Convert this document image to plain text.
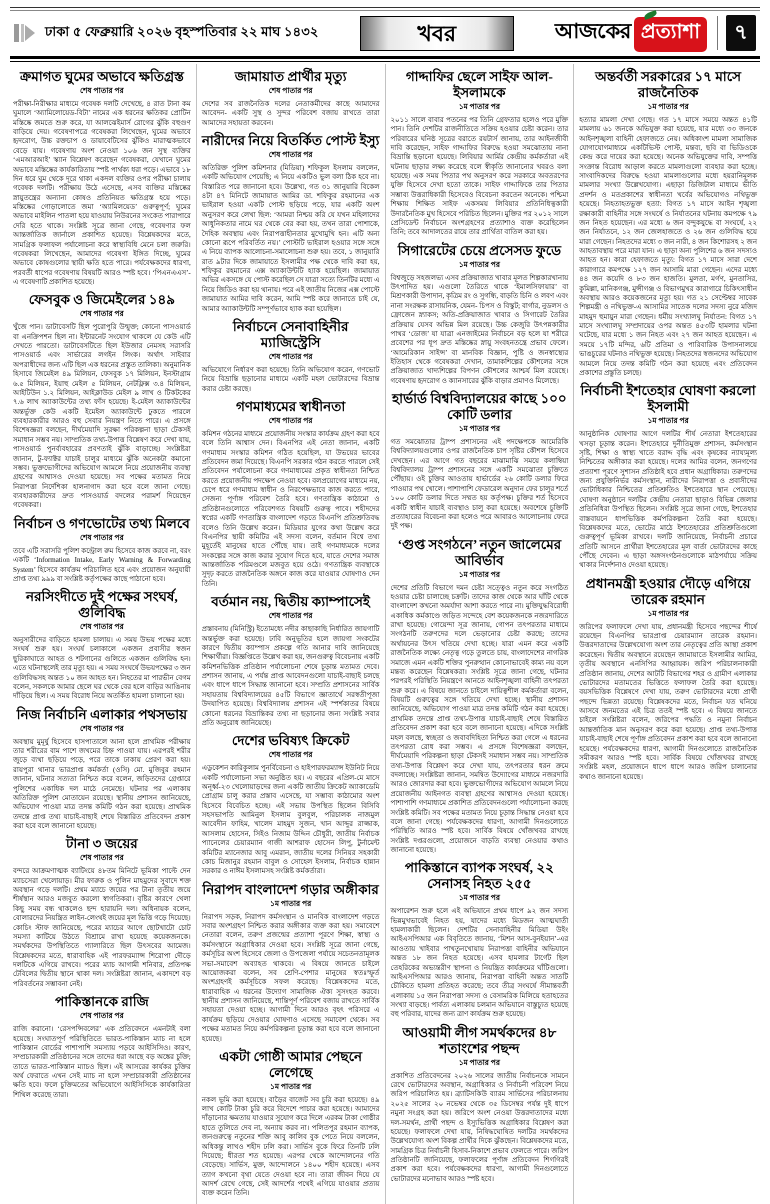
ঢাকা ৫ ফেব্রুয়ারি ২০২৬ বৃহস্পতিবার ২২ মাঘ ১৪৩২	খবর	আজকের প্রত্যাশা	৭
ক্রমাগত ঘুমের অভাবে ক্ষতিগ্রস্ত
শেষ পাতার পর

পরীক্ষা-নিরীক্ষার মাধ্যমে গবেষক দলটি দেখেছে, ৪ রাত টানা কম ঘুমালে ‘অ্যামিলোয়েড-বিটা’ নামের এক ধরনের ক্ষতিকর প্রোটিন মস্তিষ্কে জমতে শুরু করে, যা আলঝেইমার্স রোগের ঝুঁকি বহুগুণ বাড়িয়ে দেয়। গবেষণাপত্রে গবেষকরা লিখেছেন, ঘুমের অভাবে হৃদরোগ, উচ্চ রক্তচাপ ও ডায়াবেটিসের ঝুঁকিও মারাত্মকভাবে বেড়ে যায়। গবেষণায় অংশ নেওয়া ১০৬ জন সুস্থ ব্যক্তির ‘এমআরআই’ স্ক্যান বিশ্লেষণ করেছেন গবেষকরা, যেখানে ঘুমের অভাবে মস্তিষ্কের কার্যকারিতায় স্পষ্ট পার্থক্য ধরা পড়ে। এভাবে ১৮ দিন ধরে ঘুম থেকে দূরে থাকা একদল ব্যক্তির ওপর পরীক্ষা চালায় গবেষক দলটি। পরীক্ষায় উঠে এসেছে, এসব ব্যক্তির মস্তিষ্কের স্নায়ুতন্ত্রের অন্যান্য কোষও প্রতিনিয়ত ক্ষতিগ্রস্ত হয়ে পড়ে। মস্তিষ্কের গোড়ালোতে জমা ‘অ্যামিলয়েড’ গুরুত্বপূর্ণ; ঘুমের অভাবে মাইলিন পাতলা হয়ে যাওয়ায় নিউরনের সংকেত পারাপারে দেরি হতে থাকে। সংশ্লিষ্ট সূত্রে জানা গেছে, গবেষণার ফল আন্তর্জাতিক জার্নালে প্রকাশিত হয়েছে। বিশ্লেষকদের মতে, সামগ্রিক ফলাফল পর্যালোচনা করে স্বাস্থ্যবিধি মেনে চলা জরুরি। গবেষকরা লিখেছেন, আমাদের গবেষণা ইঙ্গিত দিচ্ছে, ঘুমের অভাবে কোষগুলোর স্থায়ী ক্ষতি হতে পারে। পর্যবেক্ষকদের ধারণা, পরবর্তী ধাপের গবেষণায় বিষয়টি আরও স্পষ্ট হবে। ‘পিএনএএস’-এ গবেষণাটি প্রকাশিত হয়েছে।

ফেসবুক ও জিমেইলের ১৪৯
শেষ পাতার পর

খুঁজে পান। ডাটাবেসটি ছিল পুরোপুরি উন্মুক্ত; কোনো পাসওয়ার্ড বা এনক্রিপশন ছিল না। ইন্টারনেট সংযোগ থাকলে যে কেউ এটি দেখতে পারতো। ডাটাবেসটিতে ছিল ইউজার নেমসহ সরাসরি পাসওয়ার্ড এবং সার্ভারের লগইন লিংক। অর্থাৎ সাইবার অপরাধীদের জন্য এটি ছিল এক ধরনের প্রস্তুত তালিকা। অনুমানিক হিসাবে জিমেইল ৪৯ মিলিয়ন, ফেসবুক ১৭ মিলিয়ন, ইনস্টাগ্রাম ৬.৫ মিলিয়ন, ইয়াহু মেইল ৫ মিলিয়ন, নেটফ্লিক্স ৩.৪ মিলিয়ন, আইটিউন ১.২ মিলিয়ন, আইক্লাউড মেইল ৯ লাখ ও টিকটকের ৭.৬ লাখ অ্যাকাউন্টের তথ্য ফাঁস হয়েছে। ই-মেইল অ্যাকাউন্টের অন্তর্ভুক্ত কেউ একটি ইমেইল অ্যাকাউন্টে ঢুকতে পারলে ব্যবহারকারীর আরও বহু সেবার নিয়ন্ত্রণ নিতে পারে। এ প্রসঙ্গে বিশেষজ্ঞরা বলছেন, দীর্ঘমেয়াদি সুরক্ষা পরিকল্পনা ছাড়া টেকসই সমাধান সম্ভব নয়। সাম্প্রতিক তথ্য-উপাত্ত বিশ্লেষণ করে দেখা যায়, পাসওয়ার্ড পুনর্ব্যবহারের প্রবণতাই ঝুঁকি বাড়াচ্ছে। সংশ্লিষ্টরা জানান, টু-ফ্যাক্টর যাচাই চালুর মাধ্যমে ঝুঁকি অনেকটা কমানো সম্ভব। ভুক্তভোগীদের অভিযোগ আমলে নিয়ে প্রয়োজনীয় ব্যবস্থা গ্রহণের আশ্বাসও দেওয়া হয়েছে। সব পক্ষের মতামত নিয়ে নিরাপত্তা নির্দেশিকা হালনাগাদ করা হবে বলে জানা গেছে। ব্যবহারকারীদের দ্রুত পাসওয়ার্ড বদলের পরামর্শ দিয়েছেন গবেষকরা।

নির্বাচন ও গণভোটের তথ্য মিলবে
শেষ পাতার পর

তবে এটি সরাসরি পুলিশ কন্ট্রোল রুম হিসেবে কাজ করবে না, বরং একটি ‘Information Intake, Early Warning & Forwarding System’ হিসেবে কার্যক্রম পরিচালিত হবে এবং প্রয়োজন অনুযায়ী প্রাপ্ত তথ্য ৯৯৯ বা সংশ্লিষ্ট কর্তৃপক্ষের কাছে পাঠানো হবে।

নরসিংদীতে দুই পক্ষের সংঘর্ষ, গুলিবিদ্ধ
শেষ পাতার পর

অনুসারীদের বাড়িতে হামলা চালায়। এ সময় উভয় পক্ষের মধ্যে সংঘর্ষ শুরু হয়। সংঘর্ষ চলাকালে একজন প্রবাসীর স্বজন ছুরিকাঘাতে আহত ও শটগানের গুলিতে একজন গুলিবিদ্ধ হন। এতে ঘটনাস্থলেই তার মৃত্যু হয়। এ সময় সংঘর্ষে উভয়পক্ষের ৩ জন গুলিবিদ্ধসহ অন্তত ১০ জন আহত হন। নিহতের মা পারভীন বেগম বলেন, সকলকে আমার ছেলে ঘর থেকে বের হলে বাড়ির আঙিনায় দাঁড়িয়ে ছিল। এ সময় বিরোধ নিয়ে অতর্কিত হামলা চালানো হয়।

নিজ নির্বাচনি এলাকার পথসভায়
শেষ পাতার পর

অবস্থায় মুমূর্ষু হিসেবে হাসপাতালে আনা হলে প্রাথমিক পরীক্ষায় তার শরীরের বাম পাশে জখমের চিহ্ন পাওয়া যায়। এরপরই শরীর জুড়ে ব্যথা ছড়িয়ে পড়ে, পরে তাকে ঢাকায় প্রেরণ করা হয়। রায়পুরা থানার ভারপ্রাপ্ত কর্মকর্তা (ওসি) মো. মুজিবুর রহমান জানান, ঘটনার সত্যতা নিশ্চিত করে বলেন, জড়িতদের গ্রেপ্তারে পুলিশের একাধিক দল মাঠে নেমেছে। ঘটনার পর এলাকায় অতিরিক্ত পুলিশ মোতায়েন রয়েছে। স্থানীয় প্রশাসন জানিয়েছে, অভিযোগ পাওয়া মাত্র তদন্ত কমিটি গঠন করা হয়েছে। প্রাথমিক তদন্তে প্রাপ্ত তথ্য যাচাই-বাছাই শেষে বিস্তারিত প্রতিবেদন প্রকাশ করা হবে বলে জানানো হয়েছে।

টানা ৩ জয়ের
শেষ পাতার পর

বন্দরে আক্রমণাত্মক ব্যাটিংয়ে ৪৮তম মিনিটে ভূমিকা পাল্টে দেন ম্যাচসেরা খেলোয়াড়। মীর ফারুক ও পুলিন মাহমুদের সুবাদে শক্ত অবস্থান গড়ে দলটি। প্রথম ম্যাচে জয়ের পর টানা তৃতীয় জয়ে শীর্ষস্থান আরও মজবুত করলো স্বাগতিকরা। বৃষ্টির কারণে খেলা কিছু সময় বন্ধ থাকলেও ছন্দ হারায়নি দল। অধিনায়ক বলেন, বোলারদের নিয়ন্ত্রিত লাইন-লেংথই জয়ের মূল ভিত্তি গড়ে দিয়েছে। কোচিং স্টাফ জানিয়েছে, পরের ম্যাচের আগে ছোটখাটো চোট সমস্যা কাটিয়ে উঠতে বিশ্রামে রাখা হয়েছে কয়েকজনকে। সমর্থকদের উপস্থিতিতে গ্যালারিতে ছিল উৎসবের আমেজ। বিশ্লেষকদের মতে, ধারাবাহিক এই পারফরম্যান্স শিরোপা দৌড়ে দলটিকে এগিয়ে রাখবে। পরের ম্যাচ আগামী শনিবার, প্রতিপক্ষ টেবিলের দ্বিতীয় স্থানে থাকা দল। সংশ্লিষ্টরা জানান, একাদশে বড় পরিবর্তনের সম্ভাবনা নেই।

পাকিস্তানকে রাজি
শেষ পাতার পর

রাজি করানো। ‘রেসপন্সিবলের’ এক প্রতিবেদনে এমনটাই বলা হয়েছে। সংঘাতপূর্ণ পরিস্থিতিতে ভারত-পাকিস্তান ম্যাচ না হলে পাকিস্তান বোর্ডের পাশাপাশি সমস্যায় পড়বে আইসিসিও। কারণ, সম্প্রচারকারী প্রতিষ্ঠানের সঙ্গে তাদের ধরা আছে বড় অঙ্কের চুক্তি; তাতে ভারত-পাকিস্তান ম্যাচও ছিল। এই আসরের কার্যকর চুক্তির অর্থ ফেরাতে এখন সেই ম্যাচ না হলে সম্প্রচারকারী প্রতিষ্ঠানের ক্ষতি হবে। ফলে চুক্তিমতের অভিযোগে আইসিসিকে কার্যকারিতা শিথিল করেছে তারা।

জামায়াত প্রার্থীর মৃত্যু
শেষ পাতার পর

দেশের সব রাজনৈতিক দলের নেতাকর্মীদের কাছে আমাদের আবেদন- একটি সুস্থ ও সুন্দর পরিবেশ বজায় রাখতে তারা আমাদের সহায়তা করবেন।

নারীদের নিয়ে বিতর্কিত পোস্ট ইস্যু
শেষ পাতার পর

অতিরিক্ত পুলিশ কমিশনার (মিডিয়া) শফিকুল ইসলাম বললেন, একটি অভিযোগ পেয়েছি; এ নিয়ে একটিও ভুল বলা ঠিক হবে না। বিস্তারিত পরে জানানো হবে। উল্লেখ্য, গত ৩১ জানুয়ারি বিকেল ৪টা ৪৭ মিনিটে জামায়াত আমির ডা. শফিকুর রহমানের এক ভাইরাল হওয়া একটি পোস্ট ছড়িয়ে পড়ে, যার একটি অংশ অনুসরণ করে লেখা ছিল: ‘আমরা নিশ্চয় করি যে যখন মহিলাদের আধুনিকতার নামে ঘর থেকে বের করা হয়, তখন তারা পোশাকে, দৈহিক অবস্থায় এবং নিরাপত্তাহীনতার মুখোমুখি হন। এটি অন্য কোনো রূপে পরিবর্তিত নয়।’ পোস্টটি ভাইরাল হওয়ার সঙ্গে সঙ্গে এ নিয়ে ব্যাপক আলোচনা-সমালোচনা শুরু হয়। তবে, ১ জানুয়ারি রাত ৯টার দিকে জামায়াতে ইসলামীর পক্ষ থেকে দাবি করা হয়, শফিকুর রহমানের এক্স অ্যাকাউন্টটি হ্যাক হয়েছিল। জামায়াত অভির একসঙ্গে যে পোস্ট করেছিল সে যাত্রা সত্যে তিনটির মধ্যে এ নিয়ে জিডিও করা হয় থানায়। পরে এই জাতীয় নিজের এক্স পোস্টে জামায়াত আমির দাবি করেন, আমি স্পষ্ট করে জানাতে চাই যে, আমার অ্যাকাউন্টটি সম্পূর্ণভাবে হ্যাক করা হয়েছিল।

নির্বাচনে সেনাবাহিনীর ম্যাজিস্ট্রেসি
শেষ পাতার পর

অভিযোগে নির্ধারণ করা হয়েছে। তিনি অভিযোগ করেন, গণভোট নিয়ে বিভ্রান্তি ছড়ানোর মাধ্যমে একটি মহল ভোটারদের বিভ্রান্ত করার চেষ্টা করছে।

গণমাধ্যমের স্বাধীনতা
শেষ পাতার পর

কমিশন গঠনের মাধ্যমে প্রয়োজনীয় সংস্কার কার্যক্রম গ্রহণ করা হবে বলে তিনি আশ্বাস দেন। বিএনপির এই নেতা জানান, একটি গণমাধ্যম সংস্কার কমিশন গঠিত হয়েছিল, যা উভয়ের ভাবের প্রতিবেদন জমা দিয়েছে। বিএনপি সরকার গঠন করতে পারলে সেই প্রতিবেদন পর্যালোচনা করে গণমাধ্যমের প্রকৃত স্বাধীনতা নিশ্চিত করতে প্রয়োজনীয় পদক্ষেপ নেওয়া হবে। বলপ্রয়োগের মাধ্যমে নয়, চেপে ধরে গণমাধ্যম স্বাধীন ও নিরপেক্ষভাবে কাজ করতে পারে, সেজন্য পূর্ণাঙ্গ পরিবেশ তৈরি হবে। গণতান্ত্রিক কাঠামো ও প্রতিষ্ঠানগুলোতে পরিবেশগত বিষয়টি গুরুত্ব পাবে। শহীদদের স্বপ্নের একটি গণতান্ত্রিক বাংলাদেশ গড়তে বিএনপি প্রতিশ্রুতিবদ্ধ বলেও তিনি উল্লেখ করেন। মিডিয়ার যুগের কথা উল্লেখ করে বিএনপির স্থায়ী কমিটির এই সদস্য বলেন, বর্তমান বিশ্বে তথ্য মুহূর্তেই মানুষের হাতে পৌঁছে যায়। তাই গণমাধ্যমকে দলের সংকল্পের সঙ্গে কাজ করার সুযোগ দিতে হবে, যাতে দেশের সমাজ আন্তর্জাতিক পরিমণ্ডলে মজবুত হয়ে ওঠে। গণতান্ত্রিক ব্যবস্থাকে সুদৃঢ় করতে রাজনৈতিক অঙ্গনে কাজ করে যাওয়ার ঘোষণাও দেন তিনি।

বর্তমান নয়, দ্বিতীয় ক্যাম্পাসেই
শেষ পাতার পর

প্রস্তাবনায় (মিনিস্ট্রি) ইতোমধ্যে নদীর কাছাকাছি নির্ধারিত জায়গাটি অন্তর্ভুক্ত করা হয়েছে। ঢাবি অনুভূতির হলে জায়গা সংকটের কারণে দ্বিতীয় ক্যাম্পাস প্রকল্পে গতি আনার দাবি জানিয়েছে শিক্ষার্থীরা। বিজ্ঞপ্তিতে উল্লেখ করা হয়, জনগুরুত্ব বিবেচনায় একটি কমিশনভিত্তিক প্রতিষ্ঠান পর্যালোচনা শেষে চূড়ান্ত মতামত দেবে। প্রশাসন জানায়, এ পর্যন্ত প্রাপ্ত আবেদনগুলো যাচাই-বাছাই চলছে এবং ধাপে ধাপে সিদ্ধান্ত জানানো হবে। সম্প্রতি প্রশাসনের সার্বিক সহায়তায় বিশ্ববিদ্যালয়ের ৪৫টি বিভাগে জ্ঞাতার্থে সরস্বতীপূজা উদযাপিত হয়েছে। বিশ্ববিদ্যালয় প্রশাসন এই স্পর্শকাতর বিষয়ে কোনো ধরনের বিভ্রান্তিকর তথ্য না ছড়ানোর জন্য সংশ্লিষ্ট সবার প্রতি অনুরোধ জানিয়েছে।

দেশের ভবিষ্যৎ ক্রিকেট
শেষ পাতার পর

এডুকেশন কারিকুলাম পুনর্বিবেচনা ও হাইপারফরম্যান্স ইউনিট নিয়ে একটি পর্যালোচনা সভা অনুষ্ঠিত হয়। এ বছরের এপ্রিল-মে মাসে অনূর্ধ্ব-২৩ খেলোয়াড়দের জন্য একটি জাতীয় ক্রিকেট অ্যাকাডেমি প্রোগ্রাম চালু করার প্রস্তাব এসেছে, যা সম্ভাব্য কাঠামোর অংশ হিসেবে বিবেচিত হচ্ছে। এই সভায় উপস্থিত ছিলেন বিসিবি সহসভাপতি আমিনুল ইসলাম বুলবুল, পরিচালক নাজমুল আবেদীন ফাহিম, খালেদ মাহমুদ সুজন, খান আব্দুর রাজ্জাক, আসলাম হোসেন, সিইও নিজাম উদ্দিন চৌধুরী, জাতীয় নির্বাচক প্যানেলের চেয়ারম্যান গাজী আশরাফ হোসেন লিপু, টুর্নামেন্ট কমিটির ম্যানেজার আবু এমরান, জাতীয় দলের সিনিয়র সহকারী কোচ মিজানুর রহমান বাবুল ও সোহেল ইসলাম, নির্বাচক হান্নান সরকার ও নাঈম ইসলামসহ সংশ্লিষ্ট কর্মকর্তারা।

নিরাপদ বাংলাদেশ গড়ার অঙ্গীকার
১ম পাতার পর

নিরাপদ সড়ক, নিরাপদ কর্মসংস্থান ও মানবিক বাংলাদেশ গড়তে সবার অংশগ্রহণ নিশ্চিত করার অঙ্গীকার ব্যক্ত করা হয়। সমাবেশে নেতারা বলেন, তরুণ প্রজন্মের প্রত্যাশা পূরণে শিক্ষা, স্বাস্থ্য ও কর্মসংস্থানে অগ্রাধিকার দেওয়া হবে। সংশ্লিষ্ট সূত্রে জানা গেছে, কর্মসূচির অংশ হিসেবে জেলা ও উপজেলা পর্যায়ে সচেতনতামূলক সভা-সমাবেশ অব্যাহত থাকবে। এ বিষয়ে জানতে চাইলে আয়োজকরা বলেন, সব শ্রেণি-পেশার মানুষের স্বতঃস্ফূর্ত অংশগ্রহণই কর্মসূচিকে সফল করেছে। বিশ্লেষকদের মতে, ধারাবাহিক এ ধরনের উদ্যোগ সামাজিক ঐক্য সুসংহত করবে। স্থানীয় প্রশাসন জানিয়েছে, শান্তিপূর্ণ পরিবেশ বজায় রাখতে সার্বিক সহায়তা দেওয়া হচ্ছে। আগামী দিনে আরও বৃহৎ পরিসরে এ কার্যক্রম ছড়িয়ে দেওয়ার ঘোষণাও এসেছে সমাবেশ থেকে। সব পক্ষের মতামত নিয়ে কর্মপরিকল্পনা চূড়ান্ত করা হবে বলে জানানো হয়েছে।

একটা গোষ্ঠী আমার পেছনে লেগেছে
১ম পাতার পর

নকল ভূমি করা হয়েছে। বাড়ৈর বাজেট সব চুরি করা হয়েছে। ৪৯ লাখ কোটি টাকা চুরি করে বিদেশে পাচার করা হয়েছে। আমাদের দাঁড়ানোর ক্ষমতায় যাওয়ার সুযোগ করে দিলে এরকম টাকা গোষ্ঠীর হাতে তুলিতে দেব না, অন্যায় করব না। পলিতপুর রহমান ব্যাপক, জনগুরুত্বে নতুনের শক্তি আবু কালিব বুক পেতে নিয়ে বললেন, অধিকন্তু লাখও শহীদ ঢলি করা। সার্ভিস বুকে ফিরে তিনটি ঢলি দিয়েছে; ধীরতা শত হয়েছে। এরপর থেকে আন্দোলনের গতি বেড়েছে। সার্ভিস, মুক্ত, আন্দোলনে ১৪০০ শহীদ হয়েছে। এসব ত্যাগ কখনো বৃথা যেতে দেওয়া হবে না। তারা জীবন দিয়ে যে আদর্শ রেখে গেছে, সেই আদর্শের পথেই এগিয়ে যাওয়ার প্রত্যয় ব্যক্ত করেন তিনি।

গাদ্দাফির ছেলে সাইফ আল-ইসলামকে
১ম পাতার পর

২০১১ সালে বাবার পতনের পর তিনি গ্রেফতার হলেও পরে মুক্তি পান। তিনি দেশটির রাজনীতিতে সক্রিয় হওয়ার চেষ্টা করেন। তার পরিবারের ঘনিষ্ঠ সূত্রের বরাতে রয়টার্স জানায়, তার আইনজীবী দাবি করেছেন, সাইফ গাদ্দাফির বিরুদ্ধে হওয়া সমঝোতায় নানা বিভ্রান্তি ছড়ানো হয়েছে। লিবিয়ার আর্মির কেন্দ্রীয় কর্মকর্তারা এই ঘটনায় ছাড়ার লক্ষ্য করেছে বলে স্বীকৃতি জানানোর খবরও বলা হয়েছে। এক সময় পিতার পথ অনুসরণ করে সরকারে অবতরণের যুক্তি হিসেবে দেখা হতো তাকে। সাইফ গাদ্দাফিকে তার পিতার সম্ভাব্য উত্তরাধিকারী হিসেবেও বিবেচনা করতেন অনেকে। পশ্চিমা শিক্ষায় শিক্ষিত সাইফ একসময় লিবিয়ার প্রতিনিধিত্বকারী উদারনৈতিক মুখ হিসেবে পরিচিত ছিলেন। মুক্তির পর ২০১২ সালে প্রেসিডেন্ট নির্বাচনে অংশগ্রহণের প্রত্যাশাও ব্যক্ত করেছিলেন তিনি; তবে আদালতের রায়ে তার প্রার্থিতা বাতিল করা হয়।

সিগারেটের চেয়ে প্রসেসড ফুডে
১ম পাতার পর

বিশ্বজুড়ে সহজলভ্য এসব প্রক্রিয়াজাত খাবার মূলত শিল্পকারখানায় উৎপাদিত হয়। এগুলো তৈরিতে থাকে ‘ইমালসিফায়ার’ বা মিশ্রণকারী উপাদান, কৃত্রিম রং ও সুগন্ধি, বাড়তি চিনি ও লবণ এবং নানা সংরক্ষক রাসায়নিক, যেমন- চিপস ও বিস্কুট; বার্গার, নুডলস ও ফ্রোজেন স্ন্যাকস; অতি-প্রক্রিয়াজাত খাবার ও সিগারেট তৈরির প্রক্রিয়ায় যেসব অভিন্ন মিল রয়েছে। উচ্চ কেজুরি উৎপন্নকারীর পাথর ‘ডোজ’ যা যাত্রা এনজাইমের নির্বাচনে বড় হলে যা শরীরে প্রবেশের পর ধূপ দ্রুত মস্তিষ্কের স্নায়ু সংবহনতন্ত্রে প্রভাব ফেলে। ‘আমেরিকান সাইন্স’ বা মানবিক বিজ্ঞান, পুষ্টি ও জনস্বাস্থ্যের ইতিহাস থেকে গবেষকরা দেখান, তামাকশিল্পের কৌশলের সঙ্গে প্রক্রিয়াজাত খাদ্যশিল্পের বিপণন কৌশলের আশ্চর্য মিল রয়েছে। গবেষণায় হৃদরোগ ও ক্যানসারের ঝুঁকি বাড়ার প্রমাণও মিলেছে।

হার্ভার্ড বিশ্ববিদ্যালয়ের কাছে ১০০ কোটি ডলার
১ম পাতার পর

গত সমঝোতার ট্রাম্প প্রশাসনের এই পদক্ষেপকে আমেরিকি বিশ্ববিদ্যালয়গুলোর ওপর রাজনৈতিক চাপ সৃষ্টির কৌশল হিসেবে দেখছেন। এর আগে গত বছরের মাঝামাঝি সময়ে কলাম্বিয়া বিশ্ববিদ্যালয় ট্রাম্প প্রশাসনের সঙ্গে একটি সমঝোতা চুক্তিতে পৌঁছায়। ওই চুক্তির আওতায় হার্ভার্ডের ২৬ কোটি ডলার ফিরে পাওয়ার পথ খোলে। পাশাপাশি ফেডারেল অনুদান ফের চালুর শর্তে ১০০ কোটি ডলার দিতে সম্মত হয় কর্তৃপক্ষ। চুক্তির শর্ত হিসেবে একটি স্বাধীন যাচাই ব্যবস্থাও চালু করা হয়েছে। অবশেষে চুক্তিটি প্রত্যাহারের বিবেচনা করা হলেও পরে আবারও আলোচনায় ফেরে দুই পক্ষ।

‘গুপ্ত সংগঠনে’ নতুন জালেমের আবির্ভাব
১ম পাতার পর

দেশের প্রতিটি বিভাগে দমন চেষ্টা সত্ত্বেও নতুন করে সংগঠিত হওয়ার চেষ্টা চালাচ্ছে চক্রটি। তাদের কাজ থেকে আর ঘাঁটি থেকে বাংলাদেশ কখনো অমর্যাদা আশা করতে পারে না। মুক্তিযুদ্ধবিরোধী একাধিক কর্মকাণ্ডে জড়িত সন্দেহে বেশ কয়েকজনকে নজরদারিতে রাখা হয়েছে। গোয়েন্দা সূত্র জানায়, গোপন তৎপরতার মাধ্যমে সংগঠনটি তরুণদের দলে ভেড়ানোর চেষ্টা করছে; তাদের অর্থায়নের উৎস খতিয়ে দেখা হচ্ছে। যারা এমন করে একটি রাজনৈতিক লক্ষ্যে নেতৃত্ব গড়ে তুলতে চায়, বাংলাদেশের নাগরিক সমাজে এমন একটি শক্তির পুনরুত্থান কোনোভাবেই কাম্য নয় বলে মন্তব্য করেছেন বিশ্লেষকরা। সংশ্লিষ্ট সূত্রে জানা গেছে, ঘটনার পরপরই পরিস্থিতি নিয়ন্ত্রণে আনতে আইনশৃঙ্খলা বাহিনী তৎপরতা শুরু করে। এ বিষয়ে জানতে চাইলে দায়িত্বশীল কর্মকর্তারা বলেন, বিষয়টি গুরুত্বের সঙ্গে খতিয়ে দেখা হচ্ছে। স্থানীয় প্রশাসন জানিয়েছে, অভিযোগ পাওয়া মাত্র তদন্ত কমিটি গঠন করা হয়েছে। প্রাথমিক তদন্তে প্রাপ্ত তথ্য-উপাত্ত যাচাই-বাছাই শেষে বিস্তারিত প্রতিবেদন প্রকাশ করা হবে বলে জানানো হয়েছে। এদিকে সংশ্লিষ্ট মহল বলছে, স্বচ্ছতা ও জবাবদিহিতা নিশ্চিত করা গেলে এ ধরনের তৎপরতা রোধ করা সম্ভব। এ প্রসঙ্গে বিশেষজ্ঞরা বলছেন, দীর্ঘমেয়াদি পরিকল্পনা ছাড়া টেকসই সমাধান সম্ভব নয়। সাম্প্রতিক তথ্য-উপাত্ত বিশ্লেষণ করে দেখা যায়, তৎপরতার ধরন ক্রমে বদলাচ্ছে। সংশ্লিষ্টরা জানান, সমন্বিত উদ্যোগের মাধ্যমে নজরদারি আরও জোরদার করা হবে। ভুক্তভোগীদের অভিযোগ আমলে নিয়ে প্রয়োজনীয় আইনগত ব্যবস্থা গ্রহণের আশ্বাসও দেওয়া হয়েছে। পাশাপাশি গণমাধ্যমে প্রকাশিত প্রতিবেদনগুলো পর্যালোচনা করছে সংশ্লিষ্ট কমিটি। সব পক্ষের মতামত নিয়ে চূড়ান্ত সিদ্ধান্ত নেওয়া হবে বলে জানা গেছে। পর্যবেক্ষকদের ধারণা, আগামী দিনগুলোতে পরিস্থিতি আরও স্পষ্ট হবে। সার্বিক বিষয়ে খোঁজখবর রাখছে সংশ্লিষ্ট দপ্তরগুলো, প্রয়োজনে বাড়তি ব্যবস্থা নেওয়ার কথাও জানানো হয়েছে।

পাকিস্তানে ব্যাপক সংঘর্ষ, ২২ সেনাসহ নিহত ২৫৫
১ম পাতার পর

অপারেশন শুরু হলে এই অভিযানে প্রথম ধাপে ৯২ জন সদস্য ভিন্নমুখভাবেই নিহত হয়, যাদের মধ্যে মিডজন আত্মঘাতী হামলাকারী ছিলেন। দেশটির সেনাবাহিনীর মিডিয়া উইং আইএসপিআর এক বিবৃতিতে জানায়, ‘মিশন আস-বুনইয়ান’-এর আওতায় খাইবার পাখতুনখোয়ায় নিরাপত্তা বাহিনীর অভিযানে অন্তত ১৮ জন নিহত হয়েছে। এসব হামলার টার্গেট ছিল তেহরিকের অভ্যন্তরীণ স্থাপনা ও নিয়ন্ত্রিত কার্যক্রমের ঘাঁটিগুলো। আইএসপিআর আরও জানায়, নিরাপত্তা বাহিনী অন্তত সাতটি চৌকিতে হামলা প্রতিহত করেছে; তবে তীব্র সংঘর্ষে সীমান্তবর্তী এলাকায় ১৫ জন নিরাপত্তা সদস্য ও বেসামরিক মিলিয়ে হতাহতের সংখ্যা বাড়ছে। পার্বত্য এলাকায় চলমান অভিযানে বাস্তুচ্যুত হয়েছে বহু পরিবার, যাদের জন্য ত্রাণ কার্যক্রম শুরু হয়েছে।

আওয়ামী লীগ সমর্থকদের ৪৮ শতাংশের পছন্দ
১ম পাতার পর

প্রকাশিত প্রতিবেদনের ২০২৬ সালের জাতীয় নির্বাচনকে সামনে রেখে ভোটারদের অবস্থান, অগ্রাধিকার ও নির্বাচনী পরিবেশ নিয়ে জরিপ পরিচালিত হয়। ব্র্যাটিসকিউ ব্যারম সার্ভিসের পরিচালনায় ২০২৫ সালের ২০ নভেম্বর থেকে ৩৫ ডিসেম্বর পর্যন্ত দুই ধাপে নমুনা সংগ্রহ করা হয়। জরিপে অংশ নেওয়া উত্তরদাতাদের মধ্যে দল-সমর্থন, প্রার্থী পছন্দ ও ইস্যুভিত্তিক অগ্রাধিকার বিশ্লেষণ করা হয়েছে। ফলাফলে দেখা যায়, নিষিদ্ধঘোষিত দলটির সমর্থকদের উল্লেখযোগ্য অংশ বিকল্প প্রার্থীর দিকে ঝুঁকছেন। বিশ্লেষকদের মতে, সামগ্রিক চিত্র নির্বাচনী হিসাব-নিকাশে প্রভাব ফেলতে পারে। জরিপ প্রতিষ্ঠানটি জানিয়েছে, ফলাফলের পূর্ণাঙ্গ প্রতিবেদন শিগগিরই প্রকাশ করা হবে। পর্যবেক্ষকদের ধারণা, আগামী দিনগুলোতে ভোটারদের মনোভাব আরও স্পষ্ট হবে।

অন্তর্বর্তী সরকারের ১৭ মাসে রাজনৈতিক
১ম পাতার পর

হত্যার মামলা দেখা গেছে। গত ১৭ মাসে সময়ে অন্তত ৪১টি মামলায় ৬১ জনকে অভিযুক্ত করা হয়েছে, যার মধ্যে ৩৩ জনকে আইনশৃঙ্খলা বাহিনী হেফাজতে নেয়। অধিকাংশ মামলা সামাজিক যোগাযোগমাধ্যমে একটিভিস্ট পোস্ট, মন্তব্য, ছবি বা ভিডিওকে কেন্দ্র করে দায়ের করা হয়েছে। অনেক অভিযুক্তের দাবি, সম্পত্তি সংক্রান্ত বিরোধ আড়াল করতে মামলাগুলো ব্যবহার করা হচ্ছে। সাংবাদিকদের বিরুদ্ধে হওয়া মামলাগুলোর মধ্যে হয়রানিমূলক মামলার সংখ্যা উল্লেখযোগ্য। এছাড়া ডিজিটাল মাধ্যমে ভীতি প্রদর্শন ও মতপ্রকাশের স্বাধীনতা খর্বের অভিযোগও নথিভুক্ত হয়েছে। নিহতাহতভুক্ত হত্যা: বিগত ১৭ মাসে আইন শৃঙ্খলা রক্ষাকারী বাহিনীর সঙ্গে সংঘর্ষে ও নির্যাতনের ঘটনায় কমপক্ষে ৭৯ জন নিহত হয়েছেন। এর মধ্যে ৬ জন বন্দুকযুদ্ধে বা সংঘর্ষে, ২২ জন নির্যাতনে, ১২ জন জেলহাজতে ও ২৬ জন গুলিবিদ্ধ হয়ে মারা গেছেন। নিহতদের মধ্যে ৩ জন নারী, ৪ জন কিশোরসহ ২ জন আহতাবস্থায় পরে মারা যান। এ ছাড়া অন্য পুলিশের ৬ জন সদস্যও আহত হন। কারা হেফাজতে মৃত্যু: বিগত ১৭ মাসে সারা দেশে কারাগারে কমপক্ষে ১২৭ জন আসামি মারা গেছেন। এদের মধ্যে ৪৪ জন কয়েদি ও ৮৩ জন হাজতি। মুলতা, মর্গণ, মুনতাসির, কুমিল্লা, মানিকগঞ্জ, মুন্সীগঞ্জ ও বিভাগমুখর কারাগারে চিকিৎসাধীন অবস্থায় আরও কয়েকজনের মৃত্যু হয়। গত ২১ সেপ্টেম্বর সাবেক শিল্পমন্ত্রী ও নথিভুক্ত-এ আসামির সাতেক দলের সদস্য নুরে মজিদ মাহমুদ হুমায়ুন মারা গেছেন। ধর্মীয় সংখ্যালঘু নির্যাতন: বিগত ১৭ মাসে সংখ্যালঘু সম্প্রদায়ের ওপর অন্তত ৪৫৩টি হামলার ঘটনা ঘটেছে, যার মধ্যে ১ জন নিহত এবং ২৭ জন আহত হয়েছেন। এ সময়ে ১৭টি মন্দির, ৬টি প্রতিমা ও পারিবারিক উপাসনালয়ে ভাঙচুরের ঘটনাও নথিভুক্ত হয়েছে। নিহতদের স্বজনদের অভিযোগ আমলে নিয়ে তদন্ত কমিটি গঠন করা হয়েছে এবং প্রতিবেদন প্রকাশের প্রস্তুতি চলছে।

নির্বাচনী ইশতেহার ঘোষণা করলো ইসলামী
১ম পাতার পর

আনুষ্ঠানিক ঘোষণার আগে দলটির শীর্ষ নেতারা ইশতেহারের খসড়া চূড়ান্ত করেন। ইশতেহারে দুর্নীতিমুক্ত প্রশাসন, কর্মসংস্থান সৃষ্টি, শিক্ষা ও স্বাস্থ্য খাতে বরাদ্দ বৃদ্ধি এবং কৃষকের ন্যায্যমূল্য নিশ্চিতের অঙ্গীকার করা হয়েছে। দলের আমির বলেন, জনগণের প্রত্যাশা পূরণে সুশাসন প্রতিষ্ঠাই হবে প্রধান অগ্রাধিকার। তরুণদের জন্য প্রযুক্তিনির্ভর কর্মসংস্থান, নারীদের নিরাপত্তা ও প্রবাসীদের ভোটাধিকার নিশ্চিতের প্রতিশ্রুতিও ইশতেহারে স্থান পেয়েছে। ঘোষণা অনুষ্ঠানে দলটির কেন্দ্রীয় নেতারা ছাড়াও বিভিন্ন জেলার প্রতিনিধিরা উপস্থিত ছিলেন। সংশ্লিষ্ট সূত্রে জানা গেছে, ইশতেহার বাস্তবায়নে ধাপভিত্তিক কর্মপরিকল্পনা তৈরি করা হয়েছে। বিশ্লেষকদের মতে, ভোটের মাঠে ইশতেহারের প্রতিশ্রুতিগুলো গুরুত্বপূর্ণ ভূমিকা রাখবে। দলটি জানিয়েছে, নির্বাচনী প্রচারে প্রতিটি আসনে প্রার্থীরা ইশতেহারের মূল বার্তা ভোটারদের কাছে পৌঁছে দেবেন। এ ছাড়া অঙ্গসংগঠনগুলোকে মাঠপর্যায়ে সক্রিয় থাকার নির্দেশনাও দেওয়া হয়েছে।

প্রধানমন্ত্রী হওয়ার দৌড়ে এগিয়ে তারেক রহমান
১ম পাতার পর

জরিপের ফলাফলে দেখা যায়, প্রধানমন্ত্রী হিসেবে পছন্দের শীর্ষে রয়েছেন বিএনপির ভারপ্রাপ্ত চেয়ারম্যান তারেক রহমান। উত্তরদাতাদের উল্লেখযোগ্য অংশ তার নেতৃত্বের প্রতি আস্থা প্রকাশ করেছেন। দ্বিতীয় অবস্থানে রয়েছেন জামায়াতে ইসলামীর আমির, তৃতীয় অবস্থানে এনসিপির আহ্বায়ক। জরিপ পরিচালনাকারী প্রতিষ্ঠান জানায়, দেশের আটটি বিভাগের শহর ও গ্রামীণ এলাকার ভোটারদের মতামতের ভিত্তিতে ফলাফল তৈরি করা হয়েছে। বয়সভিত্তিক বিশ্লেষণে দেখা যায়, তরুণ ভোটারদের মধ্যে প্রার্থী পছন্দে ভিন্নতা রয়েছে। বিশ্লেষকদের মতে, নির্বাচন যত ঘনিয়ে আসবে জনমতের এই চিত্র ততই স্পষ্ট হবে। এ বিষয়ে জানতে চাইলে সংশ্লিষ্টরা বলেন, জরিপের পদ্ধতি ও নমুনা নির্বাচন আন্তর্জাতিক মান অনুসরণ করে করা হয়েছে। প্রাপ্ত তথ্য-উপাত্ত যাচাই-বাছাই শেষে পূর্ণাঙ্গ প্রতিবেদন প্রকাশ করা হবে বলে জানানো হয়েছে। পর্যবেক্ষকদের ধারণা, আগামী দিনগুলোতে রাজনৈতিক সমীকরণ আরও স্পষ্ট হবে। সার্বিক বিষয়ে খোঁজখবর রাখছে সংশ্লিষ্ট মহল, প্রয়োজনে ধাপে ধাপে আরও জরিপ চালানোর কথাও জানানো হয়েছে।
